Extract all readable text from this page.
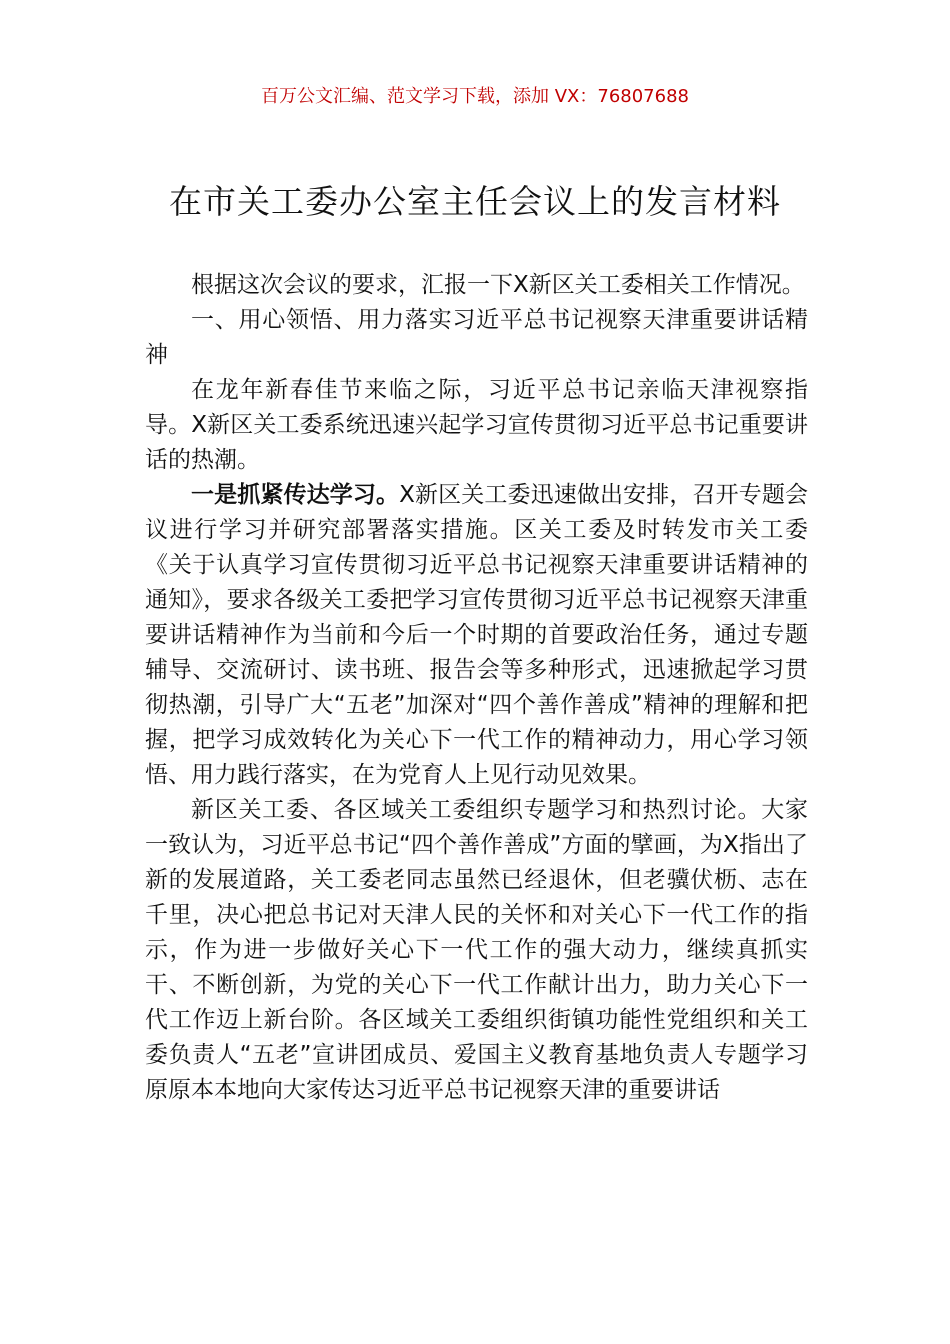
百万公文汇编、范文学习下载，添加 VX：76807688
在市关工委办公室主任会议上的发言材料

根据这次会议的要求，汇报一下X新区关工委相关工作情况。

一、用心领悟、用力落实习近平总书记视察天津重要讲话精神

在龙年新春佳节来临之际，习近平总书记亲临天津视察指导。X新区关工委系统迅速兴起学习宣传贯彻习近平总书记重要讲话的热潮。

一是抓紧传达学习。X新区关工委迅速做出安排，召开专题会议进行学习并研究部署落实措施。区关工委及时转发市关工委《关于认真学习宣传贯彻习近平总书记视察天津重要讲话精神的通知》，要求各级关工委把学习宣传贯彻习近平总书记视察天津重要讲话精神作为当前和今后一个时期的首要政治任务，通过专题辅导、交流研讨、读书班、报告会等多种形式，迅速掀起学习贯彻热潮，引导广大“五老”加深对“四个善作善成”精神的理解和把握，把学习成效转化为关心下一代工作的精神动力，用心学习领悟、用力践行落实，在为党育人上见行动见效果。

新区关工委、各区域关工委组织专题学习和热烈讨论。大家一致认为，习近平总书记“四个善作善成”方面的擘画，为X指出了新的发展道路，关工委老同志虽然已经退休，但老骥伏枥、志在千里，决心把总书记对天津人民的关怀和对关心下一代工作的指示，作为进一步做好关心下一代工作的强大动力，继续真抓实干、不断创新，为党的关心下一代工作献计出力，助力关心下一代工作迈上新台阶。各区域关工委组织街镇功能性党组织和关工委负责人“五老”宣讲团成员、爱国主义教育基地负责人专题学习原原本本地向大家传达习近平总书记视察天津的重要讲话
